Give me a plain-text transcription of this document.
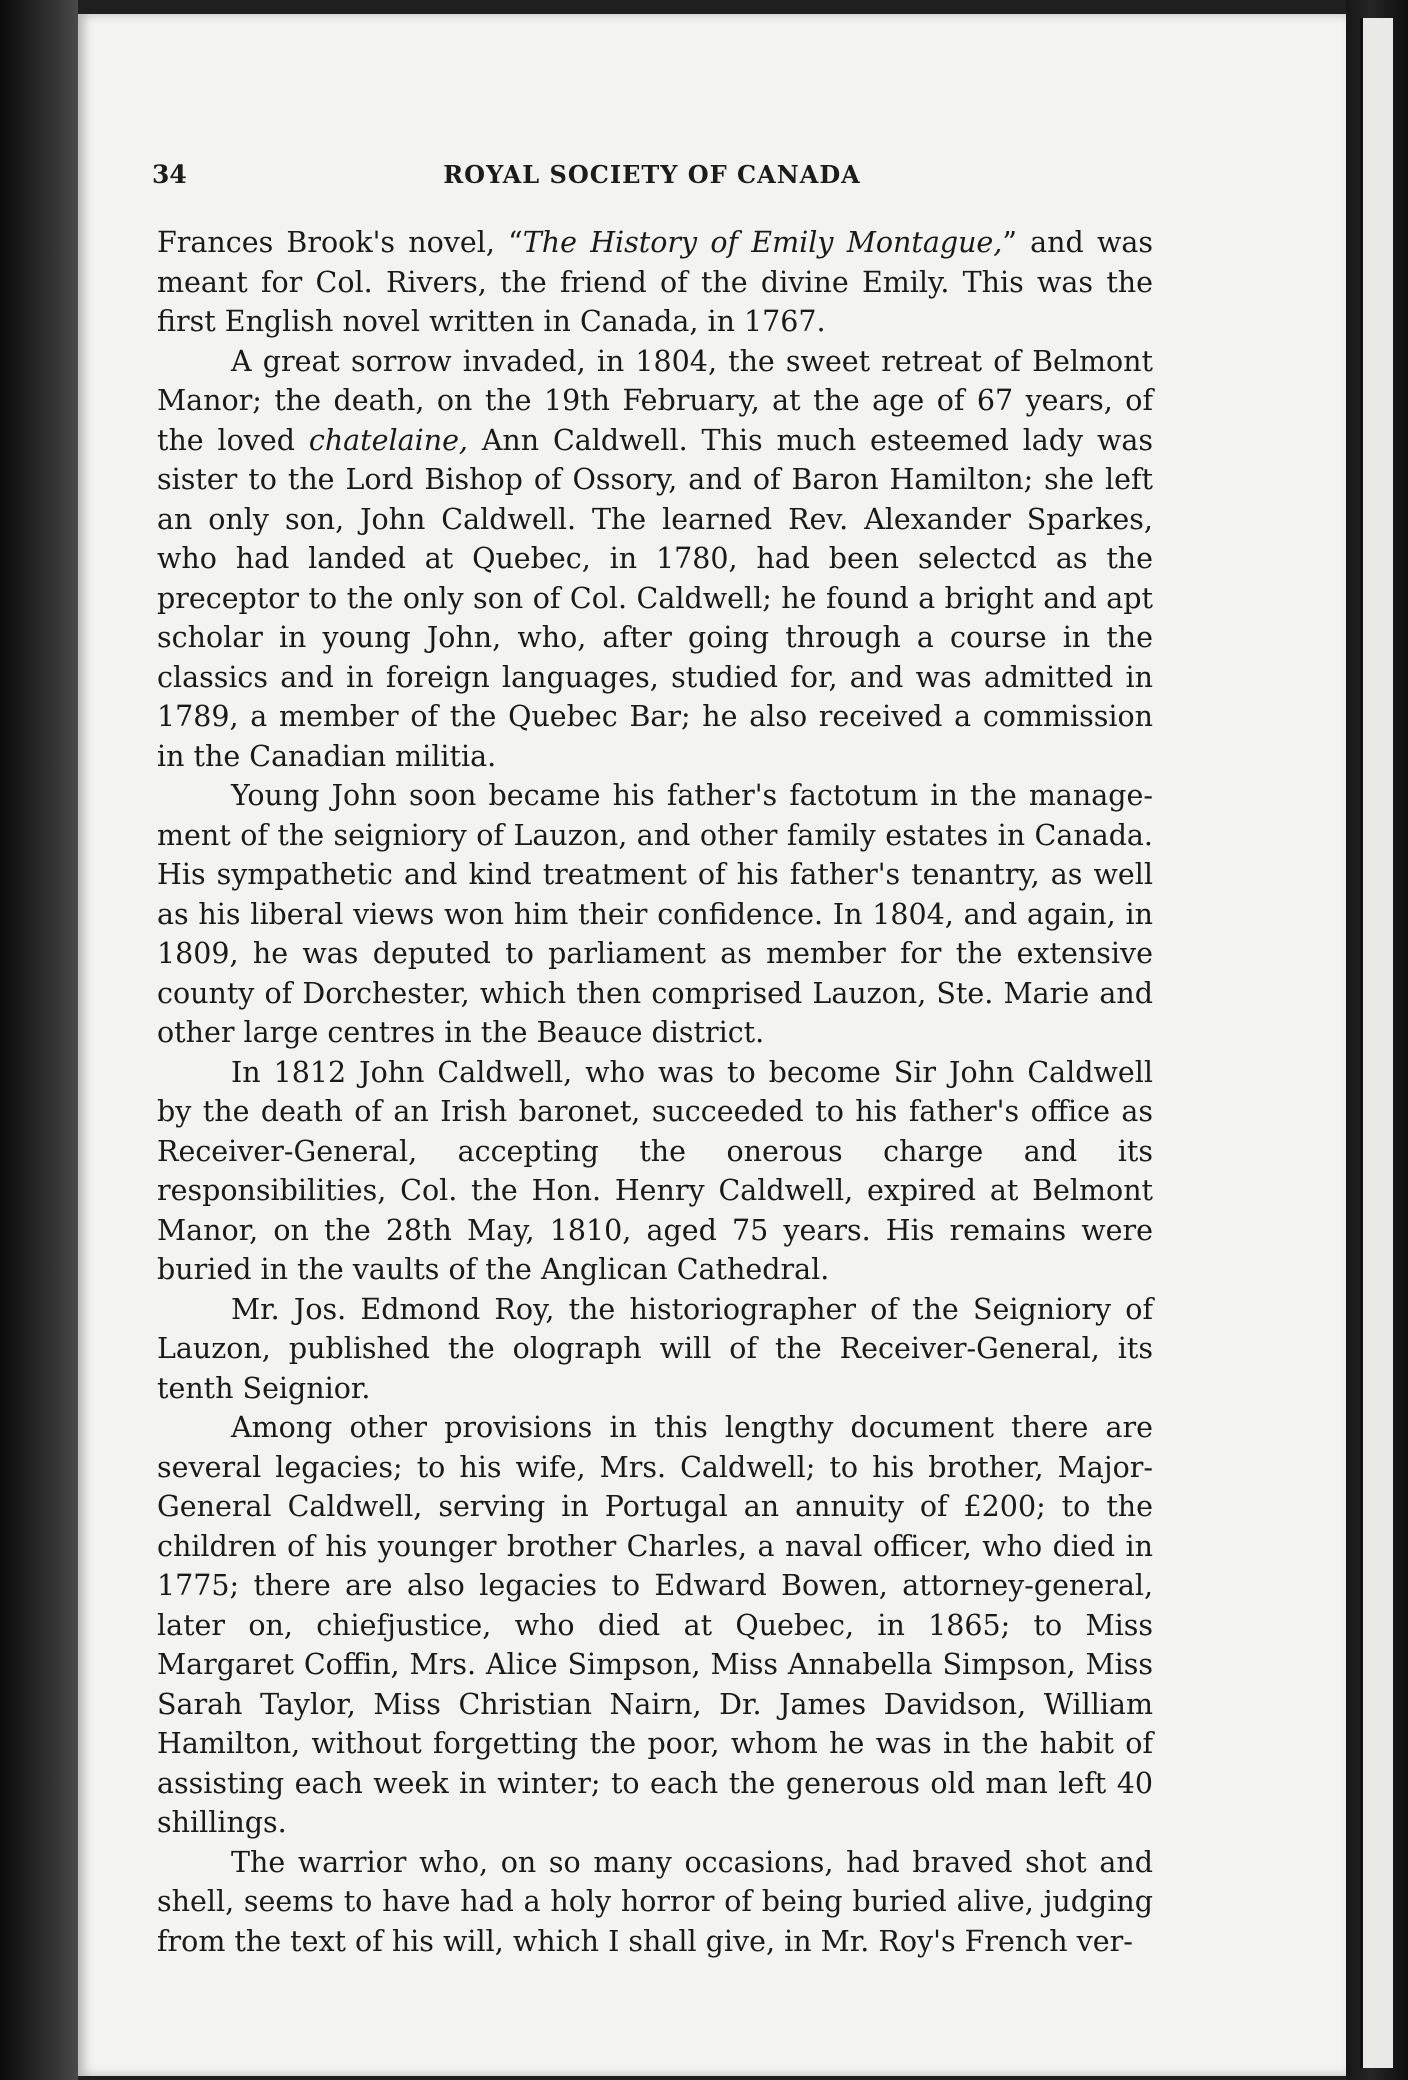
34	ROYAL SOCIETY OF CANADA

Frances Brook's novel, “The History of Emily Montague,” and was meant for Col. Rivers, the friend of the divine Emily. This was the first English novel written in Canada, in 1767.

A great sorrow invaded, in 1804, the sweet retreat of Belmont Manor; the death, on the 19th February, at the age of 67 years, of the loved chatelaine, Ann Caldwell. This much esteemed lady was sister to the Lord Bishop of Ossory, and of Baron Hamilton; she left an only son, John Caldwell. The learned Rev. Alexander Sparkes, who had landed at Quebec, in 1780, had been selectcd as the preceptor to the only son of Col. Caldwell; he found a bright and apt scholar in young John, who, after going through a course in the classics and in foreign languages, studied for, and was admitted in 1789, a member of the Quebec Bar; he also received a commission in the Canadian militia.

Young John soon became his father's factotum in the management of the seigniory of Lauzon, and other family estates in Canada. His sympathetic and kind treatment of his father's tenantry, as well as his liberal views won him their confidence. In 1804, and again, in 1809, he was deputed to parliament as member for the extensive county of Dorchester, which then comprised Lauzon, Ste. Marie and other large centres in the Beauce district.

In 1812 John Caldwell, who was to become Sir John Caldwell by the death of an Irish baronet, succeeded to his father's office as Receiver-General, accepting the onerous charge and its responsibilities, Col. the Hon. Henry Caldwell, expired at Belmont Manor, on the 28th May, 1810, aged 75 years. His remains were buried in the vaults of the Anglican Cathedral.

Mr. Jos. Edmond Roy, the historiographer of the Seigniory of Lauzon, published the olograph will of the Receiver-General, its tenth Seignior.

Among other provisions in this lengthy document there are several legacies; to his wife, Mrs. Caldwell; to his brother, Major-General Caldwell, serving in Portugal an annuity of £200; to the children of his younger brother Charles, a naval officer, who died in 1775; there are also legacies to Edward Bowen, attorney-general, later on, chiefjustice, who died at Quebec, in 1865; to Miss Margaret Coffin, Mrs. Alice Simpson, Miss Annabella Simpson, Miss Sarah Taylor, Miss Christian Nairn, Dr. James Davidson, William Hamilton, without forgetting the poor, whom he was in the habit of assisting each week in winter; to each the generous old man left 40 shillings.

The warrior who, on so many occasions, had braved shot and shell, seems to have had a holy horror of being buried alive, judging from the text of his will, which I shall give, in Mr. Roy's French ver-
